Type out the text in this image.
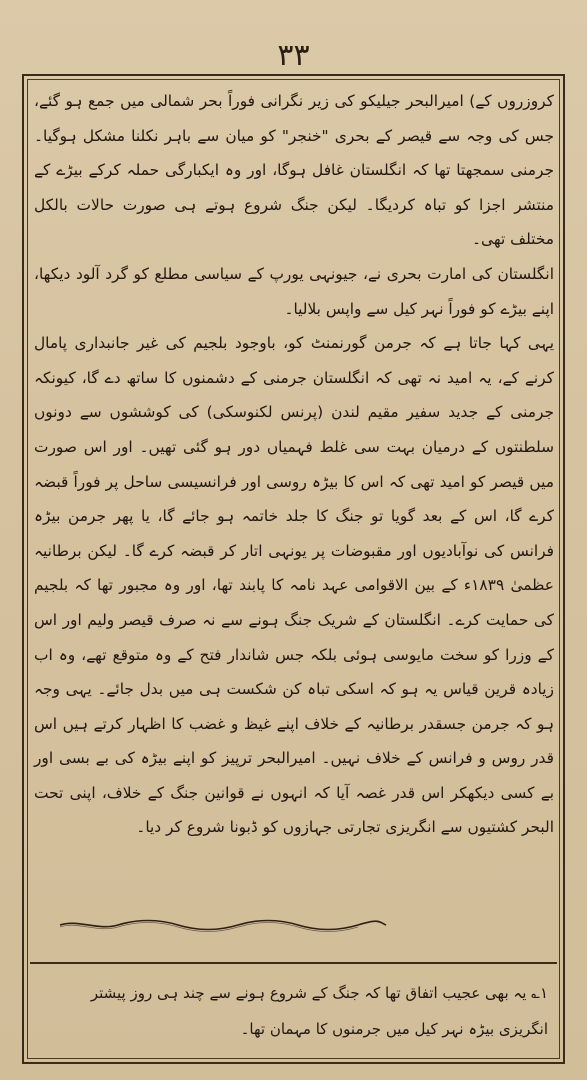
۳۳

کروزروں کے) امیرالبحر جیلیکو کی زیر نگرانی فوراً بحر شمالی میں جمع ہو گئے، جس کی وجہ سے قیصر کے بحری "خنجر" کو میان سے باہر نکلنا مشکل ہوگیا۔ جرمنی سمجھتا تھا کہ انگلستان غافل ہوگا، اور وہ ایکبارگی حملہ کرکے بیڑے کے منتشر اجزا کو تباہ کردیگا۔ لیکن جنگ شروع ہوتے ہی صورت حالات بالکل مختلف تھی۔

انگلستان کی امارت بحری نے، جیونہی یورپ کے سیاسی مطلع کو گرد آلود دیکھا، اپنے بیڑے کو فوراً نہر کیل سے واپس بلالیا۔

یہی کہا جاتا ہے کہ جرمن گورنمنٹ کو، باوجود بلجیم کی غیر جانبداری پامال کرنے کے، یہ امید نہ تھی کہ انگلستان جرمنی کے دشمنوں کا ساتھ دے گا، کیونکہ جرمنی کے جدید سفیر مقیم لندن (پرنس لکنوسکی) کی کوششوں سے دونوں سلطنتوں کے درمیان بہت سی غلط فہمیاں دور ہو گئی تھیں۔ اور اس صورت میں قیصر کو امید تھی کہ اس کا بیڑہ روسی اور فرانسیسی ساحل پر فوراً قبضہ کرے گا، اس کے بعد گویا تو جنگ کا جلد خاتمہ ہو جائے گا، یا پھر جرمن بیڑہ فرانس کی نوآبادیوں اور مقبوضات پر یونہی اتار کر قبضہ کرے گا۔ لیکن برطانیہ عظمیٰ ۱۸۳۹ء کے بین الاقوامی عہد نامہ کا پابند تھا، اور وہ مجبور تھا کہ بلجیم کی حمایت کرے۔ انگلستان کے شریک جنگ ہونے سے نہ صرف قیصر ولیم اور اس کے وزرا کو سخت مایوسی ہوئی بلکہ جس شاندار فتح کے وہ متوقع تھے، وہ اب زیادہ قرین قیاس یہ ہو کہ اسکی تباہ کن شکست ہی میں بدل جائے۔ یہی وجہ ہو کہ جرمن جسقدر برطانیہ کے خلاف اپنے غیظ و غضب کا اظہار کرتے ہیں اس قدر روس و فرانس کے خلاف نہیں۔ امیرالبحر ترپیز کو اپنے بیڑہ کی بے بسی اور بے کسی دیکھکر اس قدر غصہ آیا کہ انہوں نے قوانین جنگ کے خلاف، اپنی تحت البحر کشتیوں سے انگریزی تجارتی جہازوں کو ڈبونا شروع کر دیا۔

۱؎ یہ بھی عجیب اتفاق تھا کہ جنگ کے شروع ہونے سے چند ہی روز پیشتر انگریزی بیڑہ نہر کیل میں جرمنوں کا مہمان تھا۔
